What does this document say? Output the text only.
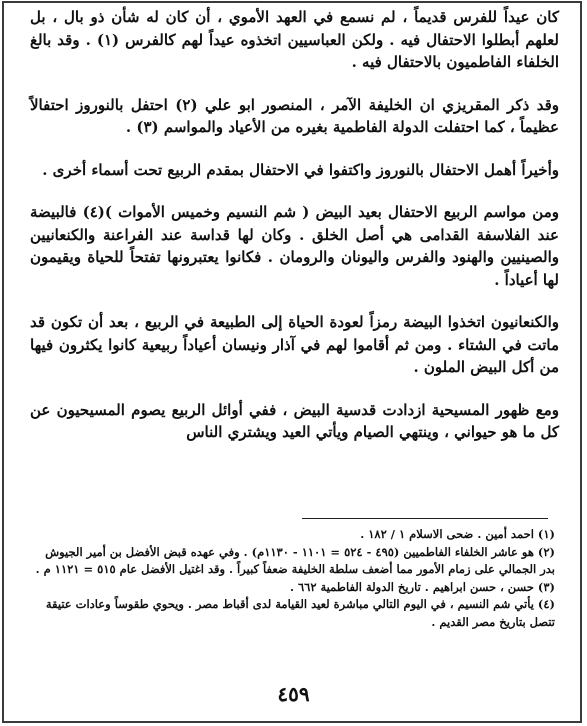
كان عيداً للفرس قديماً ، لم نسمع في العهد الأموي ، أن كان له شأن ذو بال ، بل لعلهم أبطلوا الاحتفال فيه . ولكن العباسيين اتخذوه عيداً لهم كالفرس (١) . وقد بالغ الخلفاء الفاطميون بالاحتفال فيه .

وقد ذكر المقريزي ان الخليفة الآمر ، المنصور ابو علي (٢) احتفل بالنوروز احتفالاً عظيماً ، كما احتفلت الدولة الفاطمية بغيره من الأعياد والمواسم (٣) .

وأخيراً أهمل الاحتفال بالنوروز واكتفوا في الاحتفال بمقدم الربيع تحت أسماء أخرى .

ومن مواسم الربيع الاحتفال بعيد البيض ( شم النسيم وخميس الأموات )(٤) فالبيضة عند الفلاسفة القدامى هي أصل الخلق . وكان لها قداسة عند الفراعنة والكنعانيين والصينيين والهنود والفرس واليونان والرومان . فكانوا يعتبرونها تفتحاً للحياة ويقيمون لها أعياداً .

والكنعانيون اتخذوا البيضة رمزاً لعودة الحياة إلى الطبيعة في الربيع ، بعد أن تكون قد ماتت في الشتاء . ومن ثم أقاموا لهم في آذار ونيسان أعياداً ربيعية كانوا يكثرون فيها من أكل البيض الملون .

ومع ظهور المسيحية ازدادت قدسية البيض ، ففي أوائل الربيع يصوم المسيحيون عن كل ما هو حيواني ، وينتهي الصيام ويأتي العيد ويشتري الناس

(١) احمد أمين . ضحى الاسلام ١ / ١٨٢ .

(٢) هو عاشر الخلفاء الفاطميين (٤٩٥ - ٥٢٤ = ١١٠١ - ١١٣٠م) . وفي عهده قبض الأفضل بن أمير الجيوش بدر الجمالي على زمام الأمور مما أضعف سلطة الخليفة ضعفاً كبيراً . وقد اغتيل الأفضل عام ٥١٥ = ١١٢١ م .

(٣) حسن ، حسن ابراهيم . تاريخ الدولة الفاطمية ٦٦٢ .

(٤) يأتي شم النسيم ، في اليوم التالي مباشرة لعيد القيامة لدى أقباط مصر . ويحوي طقوساً وعادات عتيقة تتصل بتاريخ مصر القديم .

٤٥٩
